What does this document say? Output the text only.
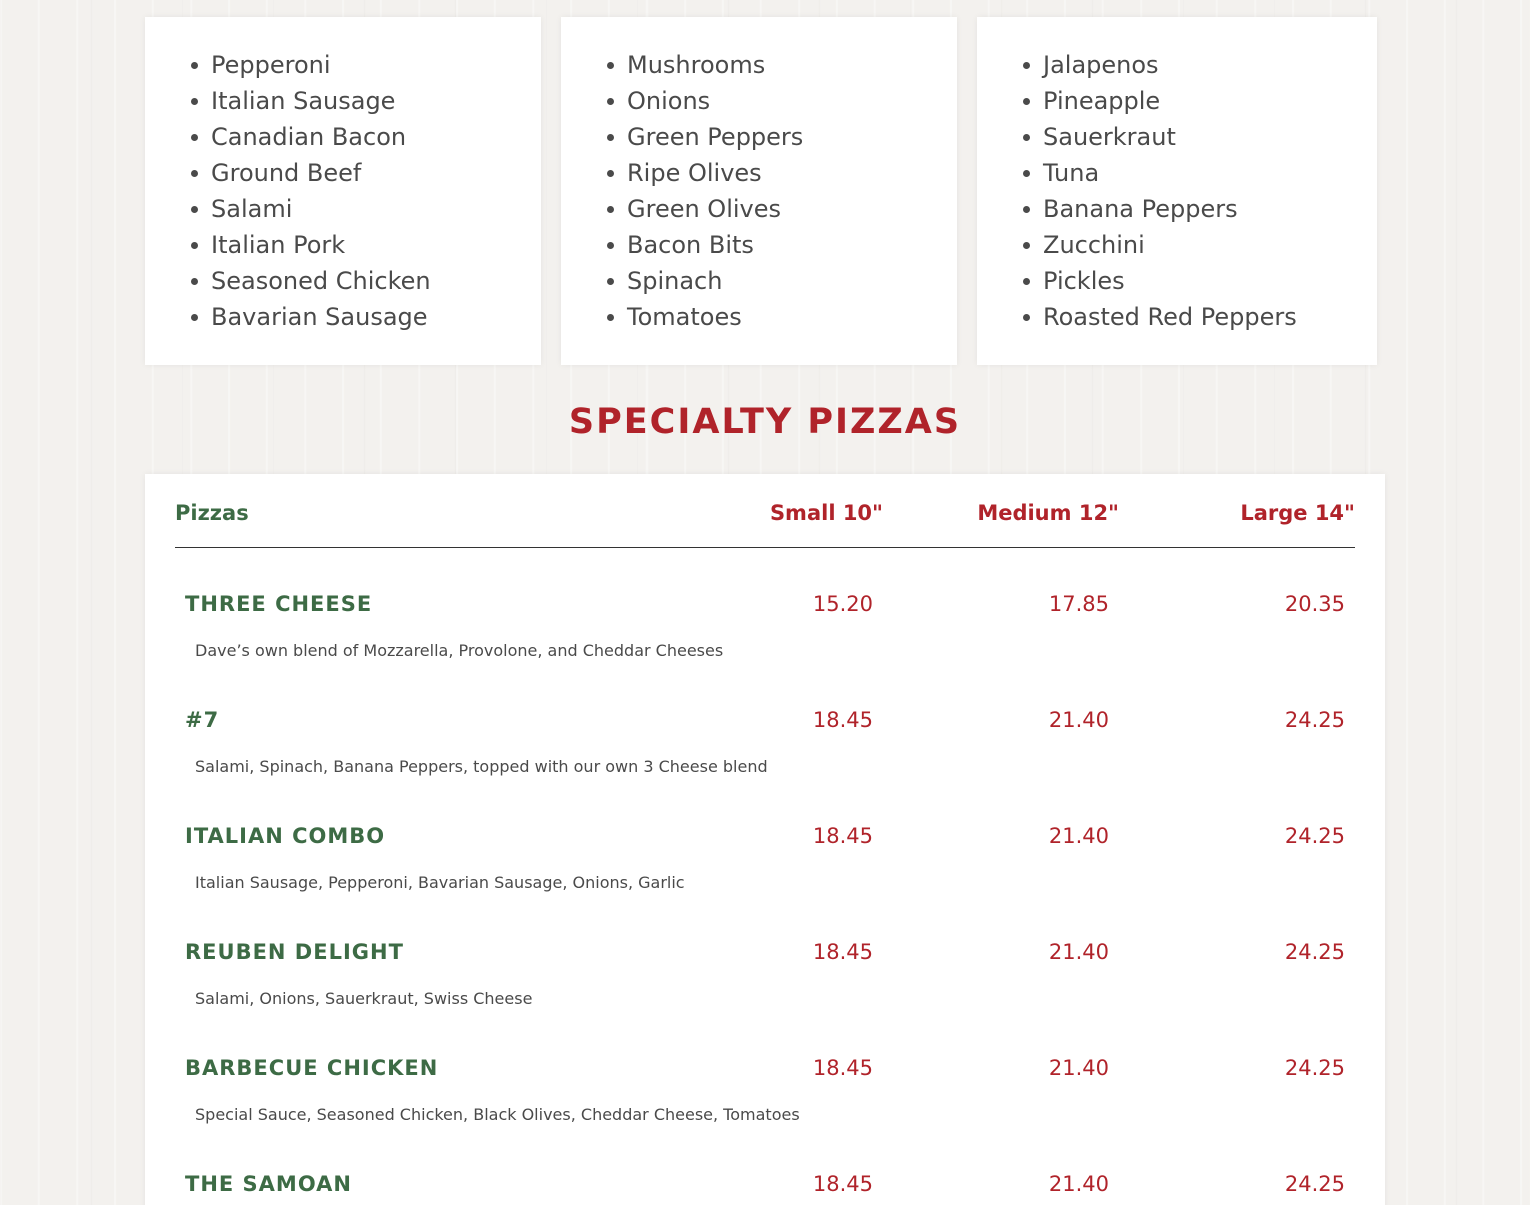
Pepperoni
Italian Sausage
Canadian Bacon
Ground Beef
Salami
Italian Pork
Seasoned Chicken
Bavarian Sausage
Mushrooms
Onions
Green Peppers
Ripe Olives
Green Olives
Bacon Bits
Spinach
Tomatoes
Jalapenos
Pineapple
Sauerkraut
Tuna
Banana Peppers
Zucchini
Pickles
Roasted Red Peppers
SPECIALTY PIZZAS
Pizzas	Small 10"	Medium 12"	Large 14"
THREE CHEESE	15.20	17.85	20.35
Dave’s own blend of Mozzarella, Provolone, and Cheddar Cheeses
#7	18.45	21.40	24.25
Salami, Spinach, Banana Peppers, topped with our own 3 Cheese blend
ITALIAN COMBO	18.45	21.40	24.25
Italian Sausage, Pepperoni, Bavarian Sausage, Onions, Garlic
REUBEN DELIGHT	18.45	21.40	24.25
Salami, Onions, Sauerkraut, Swiss Cheese
BARBECUE CHICKEN	18.45	21.40	24.25
Special Sauce, Seasoned Chicken, Black Olives, Cheddar Cheese, Tomatoes
THE SAMOAN	18.45	21.40	24.25
